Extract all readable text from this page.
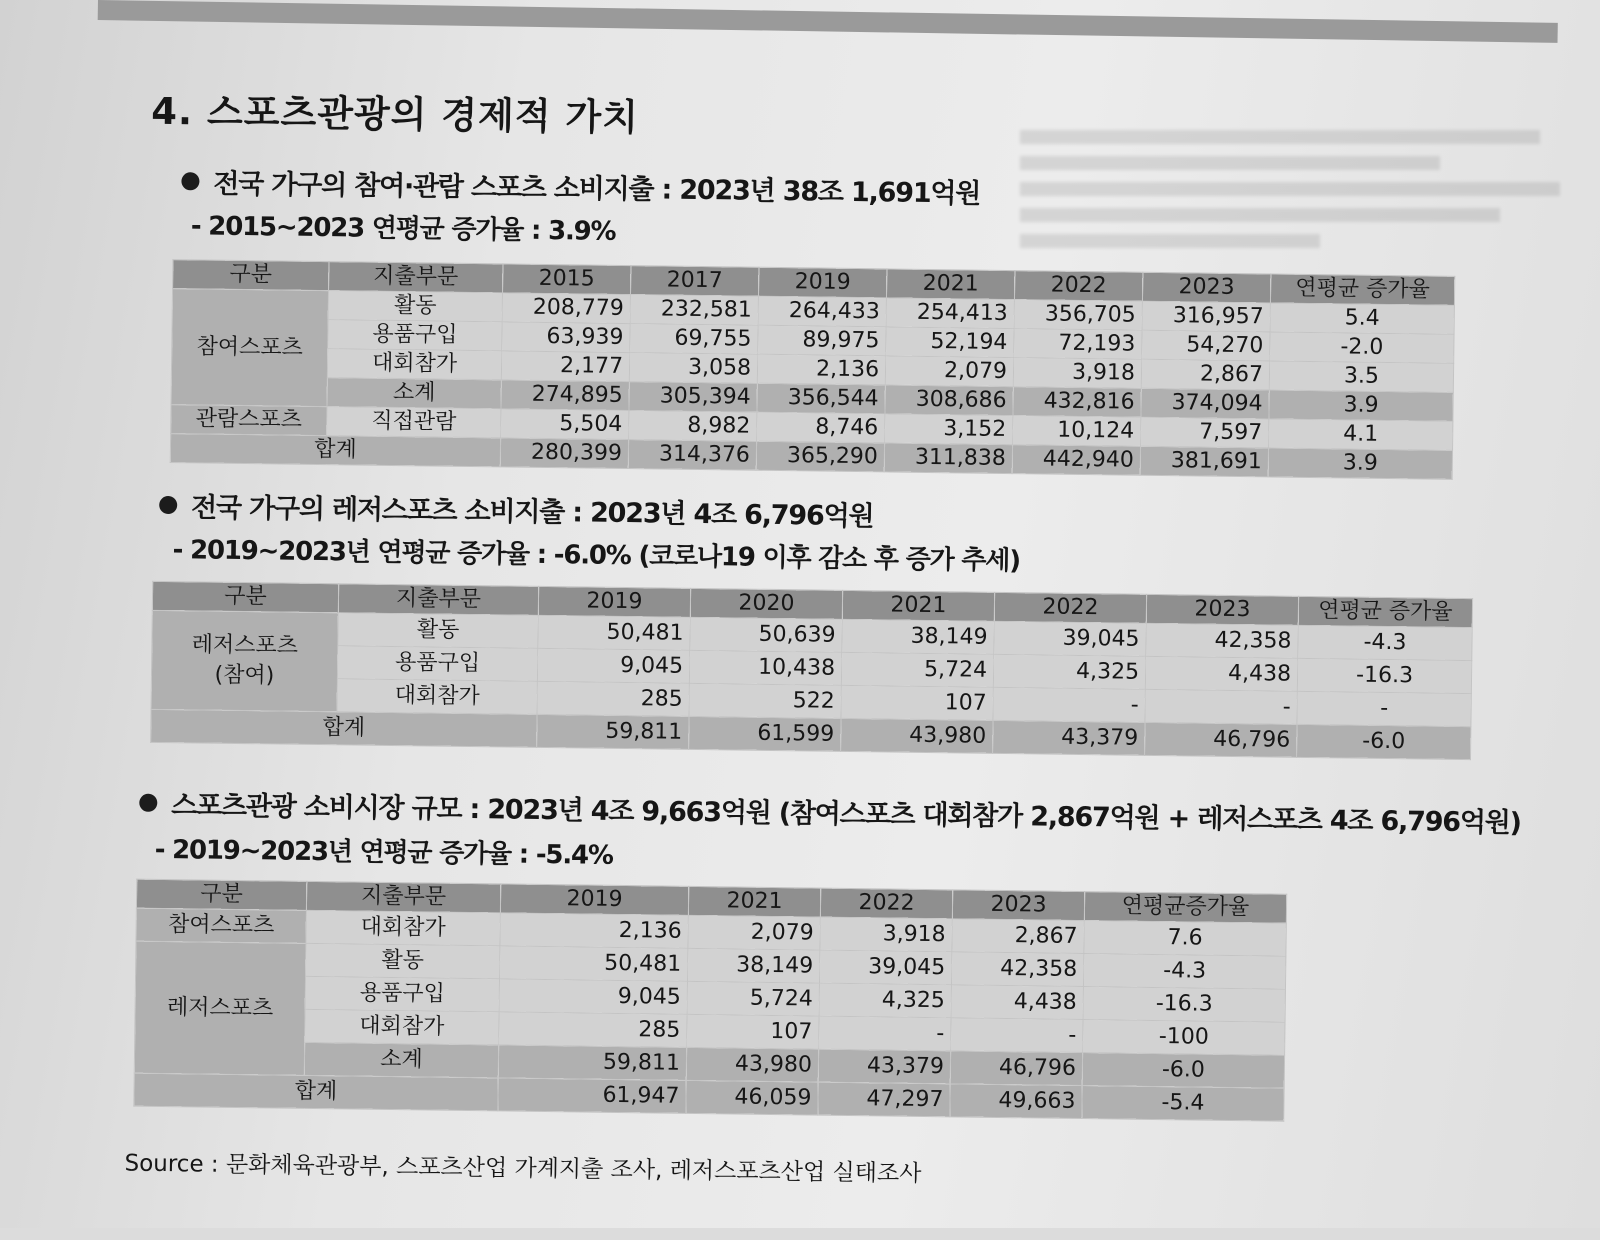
4. 스포츠관광의 경제적 가치
전국 가구의 참여·관람 스포츠 소비지출 : 2023년 38조 1,691억원
- 2015~2023 연평균 증가율 : 3.9%
구분	지출부문	2015	2017	2019	2021	2022	2023	연평균 증가율
참여스포츠	활동	208,779	232,581	264,433	254,413	356,705	316,957	5.4
	용품구입	63,939	69,755	89,975	52,194	72,193	54,270	-2.0
	대회참가	2,177	3,058	2,136	2,079	3,918	2,867	3.5
	소계	274,895	305,394	356,544	308,686	432,816	374,094	3.9
관람스포츠	직접관람	5,504	8,982	8,746	3,152	10,124	7,597	4.1
합계		280,399	314,376	365,290	311,838	442,940	381,691	3.9
전국 가구의 레저스포츠 소비지출 : 2023년 4조 6,796억원
- 2019~2023년 연평균 증가율 : -6.0% (코로나19 이후 감소 후 증가 추세)
구분	지출부문	2019	2020	2021	2022	2023	연평균 증가율

레저스포츠
(참여)	활동	50,481	50,639	38,149	39,045	42,358	-4.3
	용품구입	9,045	10,438	5,724	4,325	4,438	-16.3
	대회참가	285	522	107	-	-	-
합계		59,811	61,599	43,980	43,379	46,796	-6.0
스포츠관광 소비시장 규모 : 2023년 4조 9,663억원 (참여스포츠 대회참가 2,867억원 + 레저스포츠 4조 6,796억원)
- 2019~2023년 연평균 증가율 : -5.4%
구분	지출부문	2019	2021	2022	2023	연평균증가율
참여스포츠	대회참가	2,136	2,079	3,918	2,867	7.6
레저스포츠	활동	50,481	38,149	39,045	42,358	-4.3
	용품구입	9,045	5,724	4,325	4,438	-16.3
	대회참가	285	107	-	-	-100
	소계	59,811	43,980	43,379	46,796	-6.0
합계		61,947	46,059	47,297	49,663	-5.4
Source : 문화체육관광부, 스포츠산업 가계지출 조사, 레저스포츠산업 실태조사
